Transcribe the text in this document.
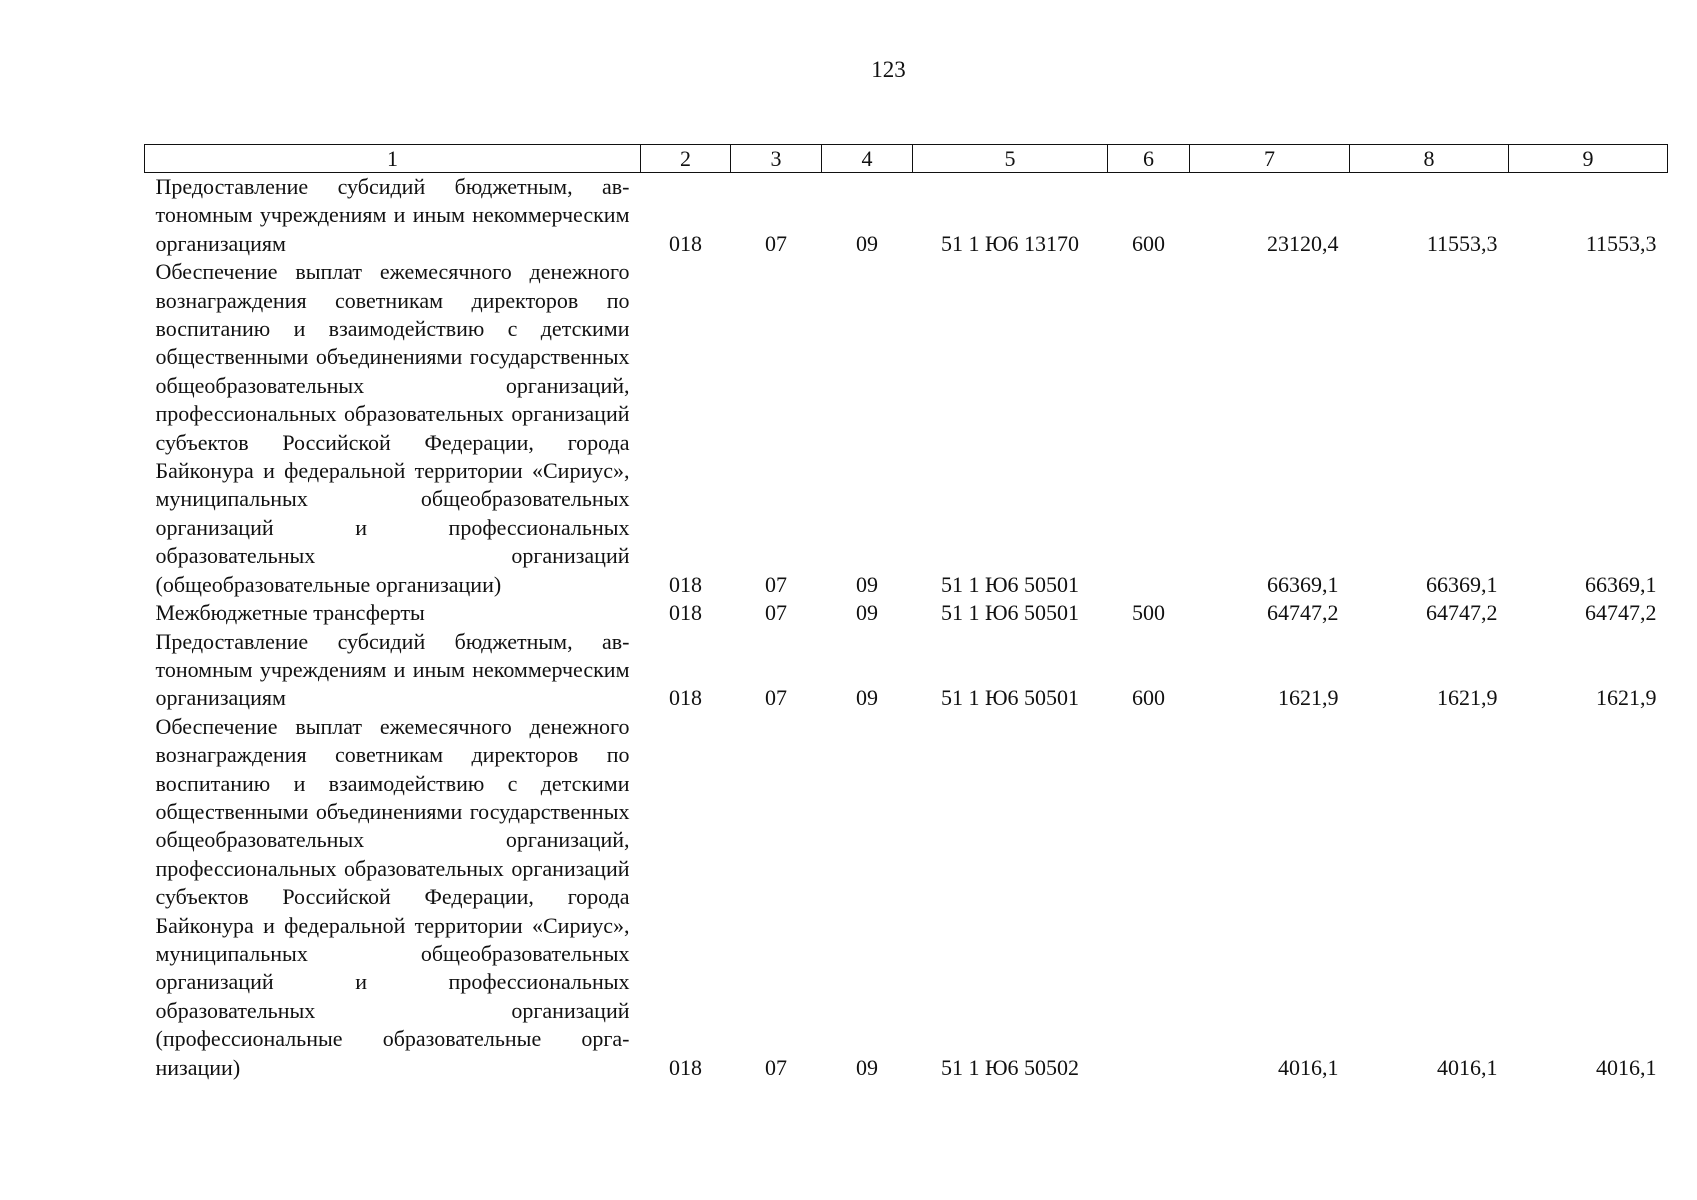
123
1	2	3	4	5	6	7	8	9
Предоставление субсидий бюджетным, автономным учреждениям и иным некоммерческим организациям	018	07	09	51 1 Ю6 13170	600	23120,4	11553,3	11553,3
Обеспечение выплат ежемесячного денежного вознаграждения советникам директоров по воспитанию и взаимодействию с детскими общественными объединениями государственных общеобразовательных организаций, профессиональных образовательных организаций субъектов Российской Федерации, города Байконура и федеральной территории «Сириус», муниципальных общеобразовательных организаций и профессиональных образовательных организаций (общеобразовательные организации)	018	07	09	51 1 Ю6 50501		66369,1	66369,1	66369,1
Межбюджетные трансферты	018	07	09	51 1 Ю6 50501	500	64747,2	64747,2	64747,2
Предоставление субсидий бюджетным, автономным учреждениям и иным некоммерческим организациям	018	07	09	51 1 Ю6 50501	600	1621,9	1621,9	1621,9
Обеспечение выплат ежемесячного денежного вознаграждения советникам директоров по воспитанию и взаимодействию с детскими общественными объединениями государственных общеобразовательных организаций, профессиональных образовательных организаций субъектов Российской Федерации, города Байконура и федеральной территории «Сириус», муниципальных общеобразовательных организаций и профессиональных образовательных организаций (профессиональные образовательные организации)	018	07	09	51 1 Ю6 50502		4016,1	4016,1	4016,1
